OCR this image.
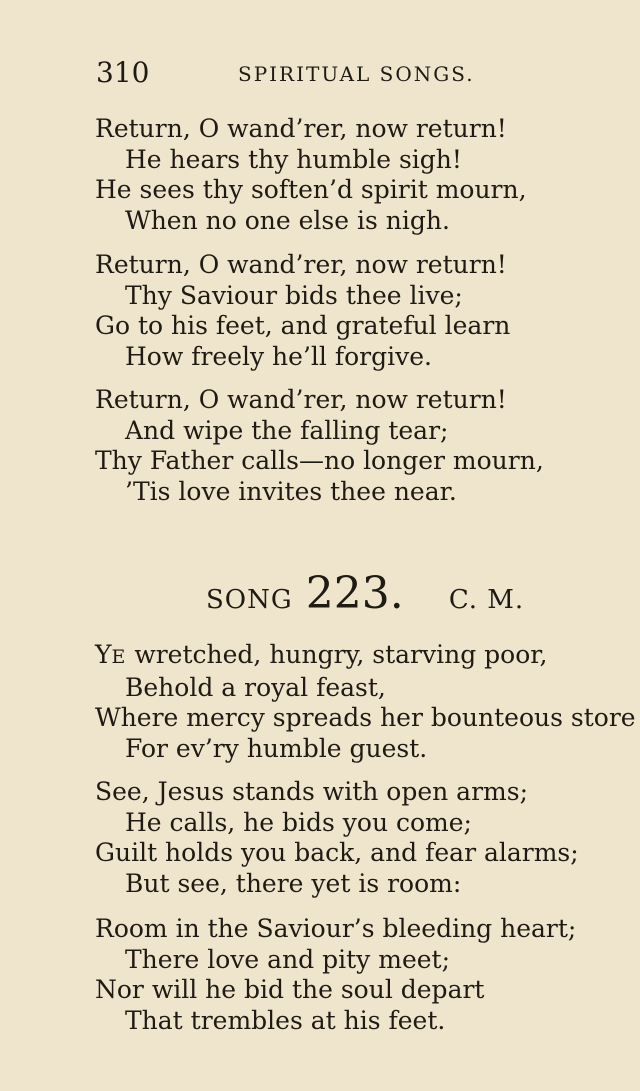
310	SPIRITUAL SONGS.
Return, O wand’rer, now return!
He hears thy humble sigh!
He sees thy soften’d spirit mourn,
When no one else is nigh.
Return, O wand’rer, now return!
Thy Saviour bids thee live;
Go to his feet, and grateful learn
How freely he’ll forgive.
Return, O wand’rer, now return!
And wipe the falling tear;
Thy Father calls—no longer mourn,
’Tis love invites thee near.
SONG 223. C. M.
YE wretched, hungry, starving poor,
Behold a royal feast,
Where mercy spreads her bounteous store
For ev’ry humble guest.
See, Jesus stands with open arms;
He calls, he bids you come;
Guilt holds you back, and fear alarms;
But see, there yet is room:
Room in the Saviour’s bleeding heart;
There love and pity meet;
Nor will he bid the soul depart
That trembles at his feet.
